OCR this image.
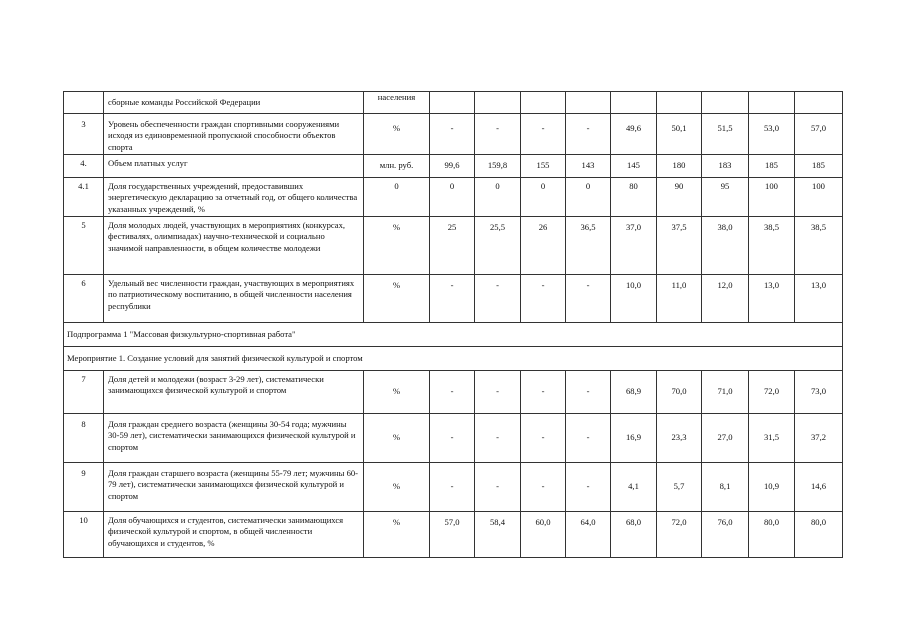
	сборные команды Российской Федерации	населения									
3	Уровень обеспеченности граждан спортивными сооружениями исходя из единовременной пропускной способности объектов спорта	%	-	-	-	-	49,6	50,1	51,5	53,0	57,0
4.	Объем платных услуг	млн. руб.	99,6	159,8	155	143	145	180	183	185	185
4.1	Доля государственных учреждений, предоставивших энергетическую декларацию за отчетный год, от общего количества указанных учреждений, %	0	0	0	0	0	80	90	95	100	100
5	Доля молодых людей, участвующих в мероприятиях (конкурсах, фестивалях, олимпиадах) научно-технической и социально значимой направленности, в общем количестве молодежи	%	25	25,5	26	36,5	37,0	37,5	38,0	38,5	38,5
6	Удельный вес численности граждан, участвующих в мероприятиях по патриотическому воспитанию, в общей численности населения республики	%	-	-	-	-	10,0	11,0	12,0	13,0	13,0
Подпрограмма 1 "Массовая физкультурно-спортивная работа"											
Мероприятие 1. Создание условий для занятий физической культурой и спортом											
7	Доля детей и молодежи (возраст 3-29 лет), систематически занимающихся физической культурой и спортом	%	-	-	-	-	68,9	70,0	71,0	72,0	73,0
8	Доля граждан среднего возраста (женщины 30-54 года; мужчины 30-59 лет), систематически занимающихся физической культурой и спортом	%	-	-	-	-	16,9	23,3	27,0	31,5	37,2
9	Доля граждан старшего возраста (женщины 55-79 лет; мужчины 60-79 лет), систематически занимающихся физической культурой и спортом	%	-	-	-	-	4,1	5,7	8,1	10,9	14,6
10	Доля обучающихся и студентов, систематически занимающихся физической культурой и спортом, в общей численности обучающихся и студентов, %	%	57,0	58,4	60,0	64,0	68,0	72,0	76,0	80,0	80,0
